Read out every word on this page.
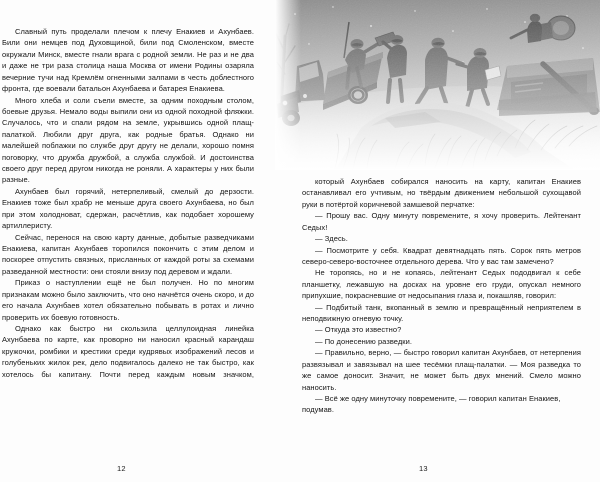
Славный путь проделали плечом к плечу Енакиев и Ахунбаев. Били они немцев под Духовщиной, били под Смоленском, вместе окружали Минск, вместе гнали врага с родной земли. Не раз и не два и даже не три раза столица наша Москва от имени Родины озаряла вечерние тучи над Кремлём огненными залпами в честь доблестного фронта, где воевали батальон Ахунбаева и батарея Енакиева.

Много хлеба и соли съели вместе, за одним походным столом, боевые друзья. Немало воды выпили они из одной походной фляжки. Случалось, что и спали рядом на земле, укрывшись одной плащ-палаткой. Любили друг друга, как родные братья. Однако ни малейшей поблажки по службе друг другу не делали, хорошо помня поговорку, что дружба дружбой, а служба службой. И достоинства своего друг перед другом никогда не роняли. А характеры у них были разные.

Ахунбаев был горячий, нетерпеливый, смелый до дерзости. Енакиев тоже был храбр не меньше друга своего Ахунбаева, но был при этом холодноват, сдержан, расчётлив, как подобает хорошему артиллеристу.

Сейчас, перенося на свою карту данные, добытые разведчиками Енакиева, капитан Ахунбаев торопился покончить с этим делом и поскорее отпустить связных, присланных от каждой роты за схемами разведанной местности: они стояли внизу под деревом и ждали.

Приказ о наступлении ещё не был получен. Но по многим признакам можно было заключить, что оно начнётся очень скоро, и до его начала Ахунбаев хотел обязательно побывать в ротах и лично проверить их боевую готовность.

Однако как быстро ни скользила целлулоидная линейка Ахунбаева по карте, как проворно ни наносил красный карандаш кружочки, ромбики и крестики среди кудрявых изображений лесов и голубеньких жилок рек, дело подвигалось далеко не так быстро, как хотелось бы капитану. Почти перед каждым новым значком,

который Ахунбаев собирался наносить на карту, капитан Енакиев останавливал его учтивым, но твёрдым движением небольшой сухощавой руки в потёртой коричневой замшевой перчатке:

— Прошу вас. Одну минуту повремените, я хочу проверить. Лейтенант Седых!

— Здесь.

— Посмотрите у себя. Квадрат девятнадцать пять. Сорок пять метров северо-северо-восточнее отдельного дерева. Что у вас там замечено?

Не торопясь, но и не копаясь, лейтенант Седых пододвигал к себе планшетку, лежавшую на досках на уровне его груди, опускал немного припухшие, покрасневшие от недосыпания глаза и, покашляв, говорил:

— Подбитый танк, вкопанный в землю и превращённый неприятелем в неподвижную огневую точку.

— Откуда это известно?

— По донесению разведки.

— Правильно, верно, — быстро говорил капитан Ахунбаев, от нетерпения развязывал и завязывал на шее тесёмки плащ-палатки. — Моя разведка то же самое доносит. Значит, не может быть двух мнений. Смело можно наносить.

— Всё же одну минуточку повремените, — говорил капитан Енакиев, подумав.

12	13
